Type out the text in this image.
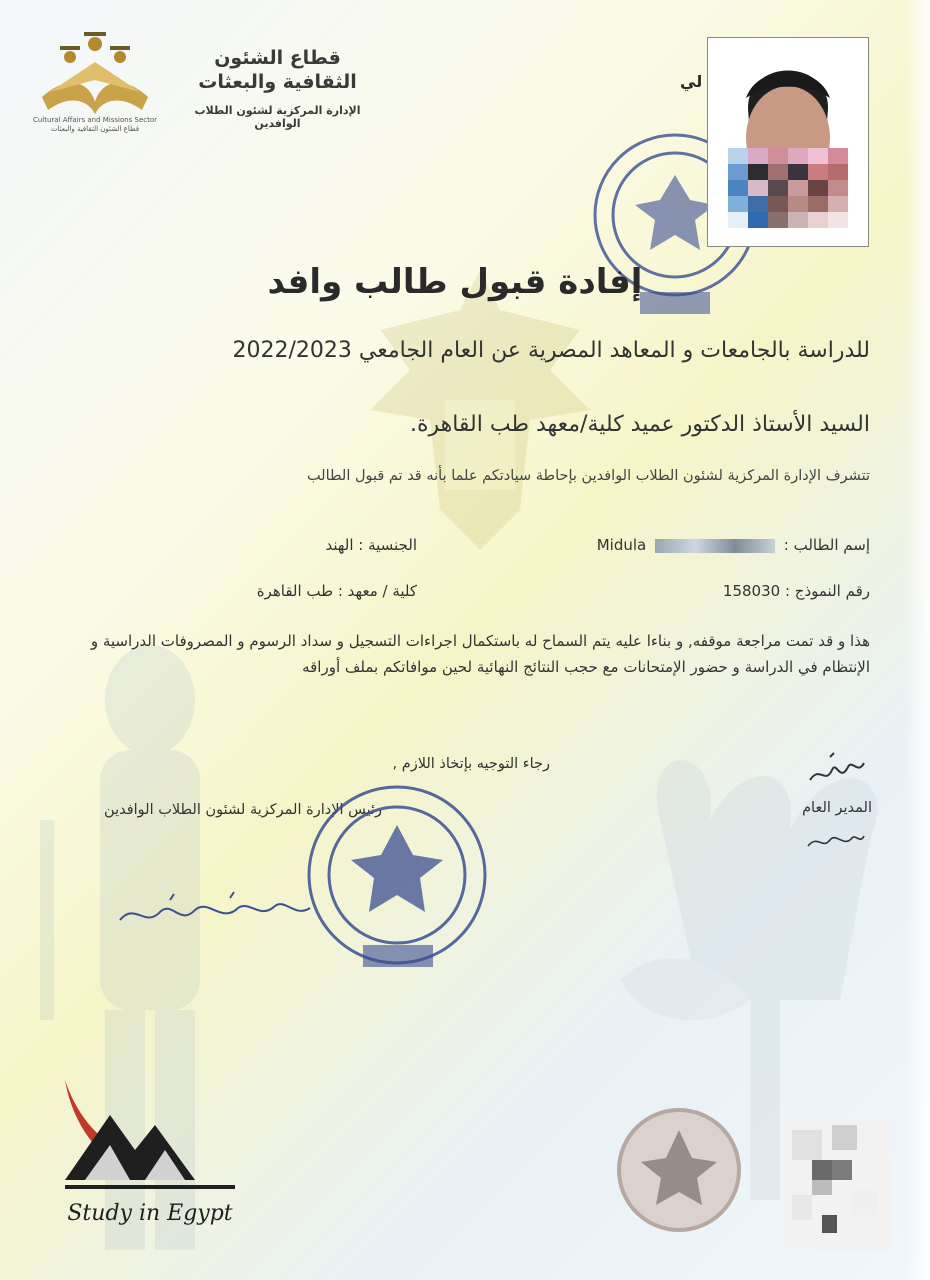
Cultural Affairs and Missions Sector
قطاع الشئون الثقافية والبعثات
قطاع الشئون الثقافية والبعثات
الإدارة المركزية لشئون الطلاب الوافدين
لي
إفادة قبول طالب وافد
للدراسة بالجامعات و المعاهد المصرية عن العام الجامعي 2022/2023
السيد الأستاذ الدكتور عميد كلية/معهد طب القاهرة.
تتشرف الإدارة المركزية لشئون الطلاب الوافدين بإحاطة سيادتكم علما بأنه قد تم قبول الطالب
إسم الطالب :  Midula
الجنسية : الهند
رقم النموذج : 158030
كلية / معهد : طب القاهرة
هذا و قد تمت مراجعة موقفه, و بناءا عليه يتم السماح له باستكمال اجراءات التسجيل و سداد الرسوم و المصروفات الدراسية و الإنتظام في الدراسة و حضور الإمتحانات مع حجب النتائج النهائية لحين موافاتكم بملف أوراقه
رجاء التوجيه بإتخاذ اللازم ,
رئيس الإدارة المركزية لشئون الطلاب الوافدين	المدير العام
Study in Egypt
